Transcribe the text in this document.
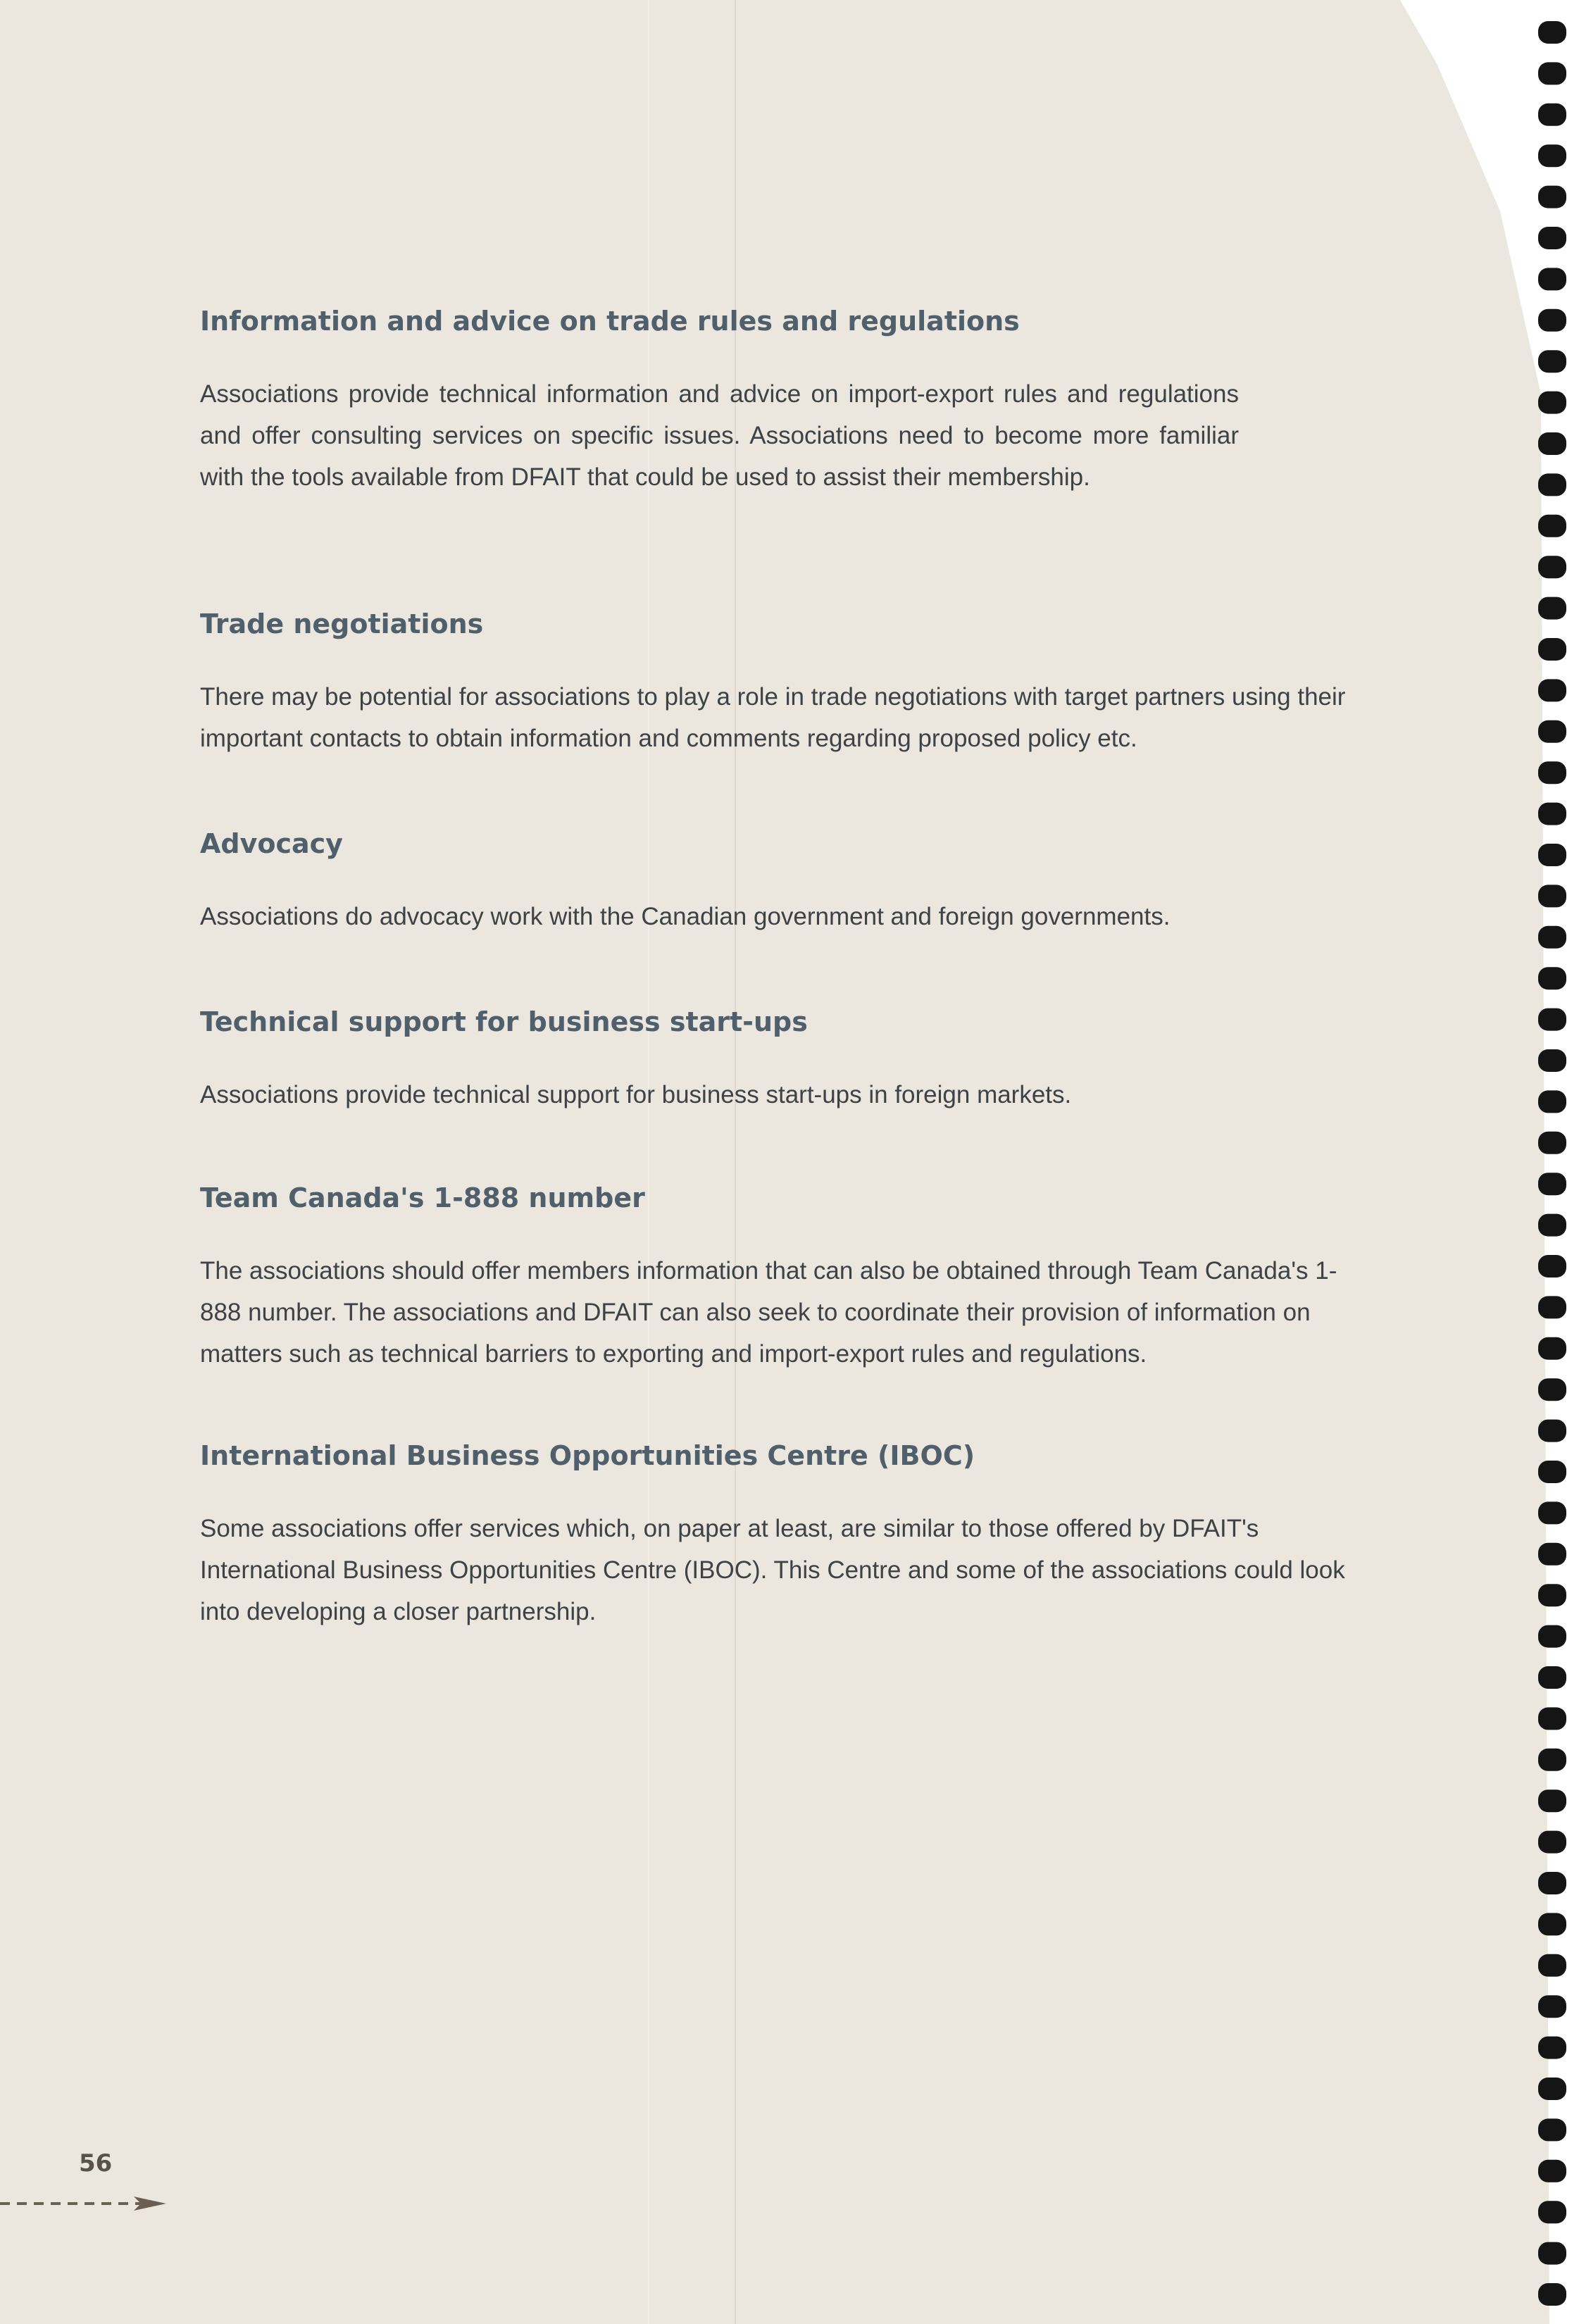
Information and advice on trade rules and regulations

Associations provide technical information and advice on import-export rules and regulations and offer consulting services on specific issues. Associations need to become more familiar with the tools available from DFAIT that could be used to assist their membership.

Trade negotiations

There may be potential for associations to play a role in trade negotiations with target partners using their important contacts to obtain information and comments regarding proposed policy etc.

Advocacy

Associations do advocacy work with the Canadian government and foreign governments.

Technical support for business start-ups

Associations provide technical support for business start-ups in foreign markets.

Team Canada's 1-888 number

The associations should offer members information that can also be obtained through Team Canada's 1-888 number. The associations and DFAIT can also seek to coordinate their provision of information on matters such as technical barriers to exporting and import-export rules and regulations.

International Business Opportunities Centre (IBOC)

Some associations offer services which, on paper at least, are similar to those offered by DFAIT's International Business Opportunities Centre (IBOC). This Centre and some of the associations could look into developing a closer partnership.

56
